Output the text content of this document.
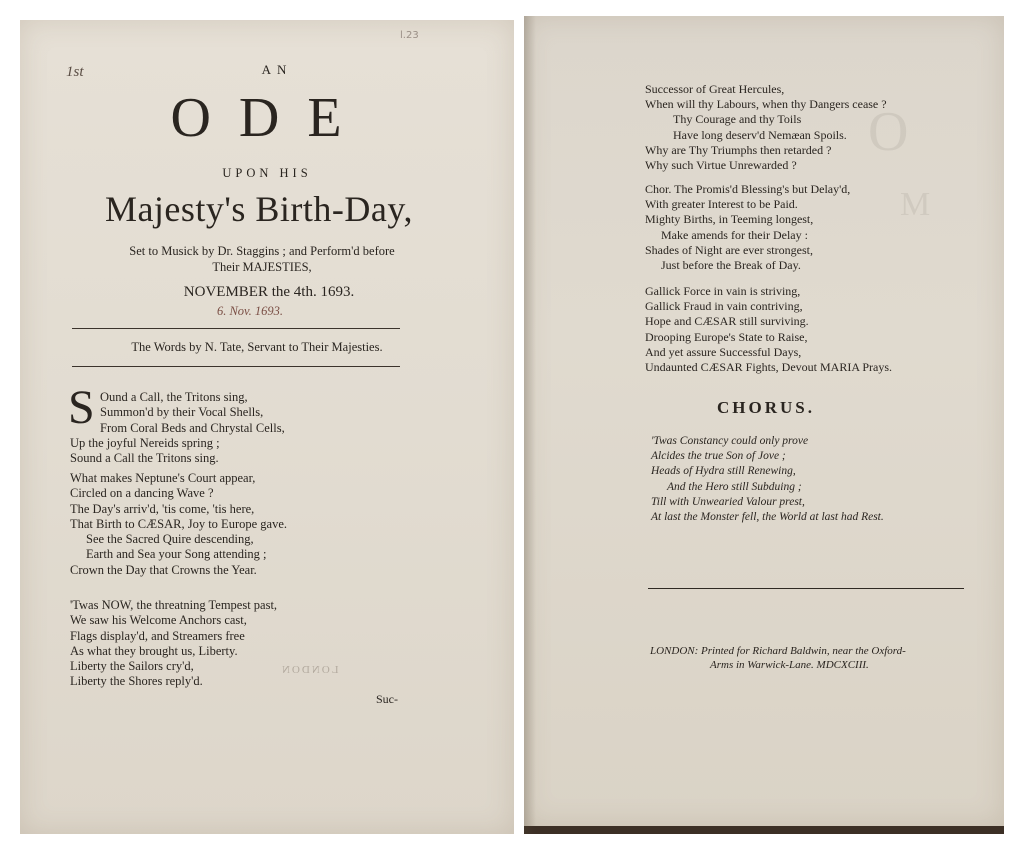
1st
l.23
AN
ODE
UPON HIS
Majesty's Birth-Day,
Set to Musick by Dr. Staggins ; and Perform'd before
Their MAJESTIES,
NOVEMBER the 4th. 1693.
6. Nov. 1693.
The Words by N. Tate, Servant to Their Majesties.
S Ound a Call, the Tritons sing,
Summon'd by their Vocal Shells,
From Coral Beds and Chrystal Cells,
Up the joyful Nereids spring ;
Sound a Call the Tritons sing.
What makes Neptune's Court appear,
Circled on a dancing Wave ?
The Day's arriv'd, 'tis come, 'tis here,
That Birth to CÆSAR, Joy to Europe gave.
See the Sacred Quire descending,
Earth and Sea your Song attending ;
Crown the Day that Crowns the Year.
'Twas NOW, the threatning Tempest past,
We saw his Welcome Anchors cast,
Flags display'd, and Streamers free
As what they brought us, Liberty.
Liberty the Sailors cry'd,
Liberty the Shores reply'd.
LONDON
Suc-
O
M
Successor of Great Hercules,
When will thy Labours, when thy Dangers cease ?
Thy Courage and thy Toils
Have long deserv'd Nemæan Spoils.
Why are Thy Triumphs then retarded ?
Why such Virtue Unrewarded ?
Chor. The Promis'd Blessing's but Delay'd,
With greater Interest to be Paid.
Mighty Births, in Teeming longest,
Make amends for their Delay :
Shades of Night are ever strongest,
Just before the Break of Day.
Gallick Force in vain is striving,
Gallick Fraud in vain contriving,
Hope and CÆSAR still surviving.
Drooping Europe's State to Raise,
And yet assure Successful Days,
Undaunted CÆSAR Fights, Devout MARIA Prays.
CHORUS.
'Twas Constancy could only prove
Alcides the true Son of Jove ;
Heads of Hydra still Renewing,
And the Hero still Subduing ;
Till with Unwearied Valour prest,
At last the Monster fell, the World at last had Rest.
LONDON: Printed for Richard Baldwin, near the Oxford-
Arms in Warwick-Lane. MDCXCIII.
